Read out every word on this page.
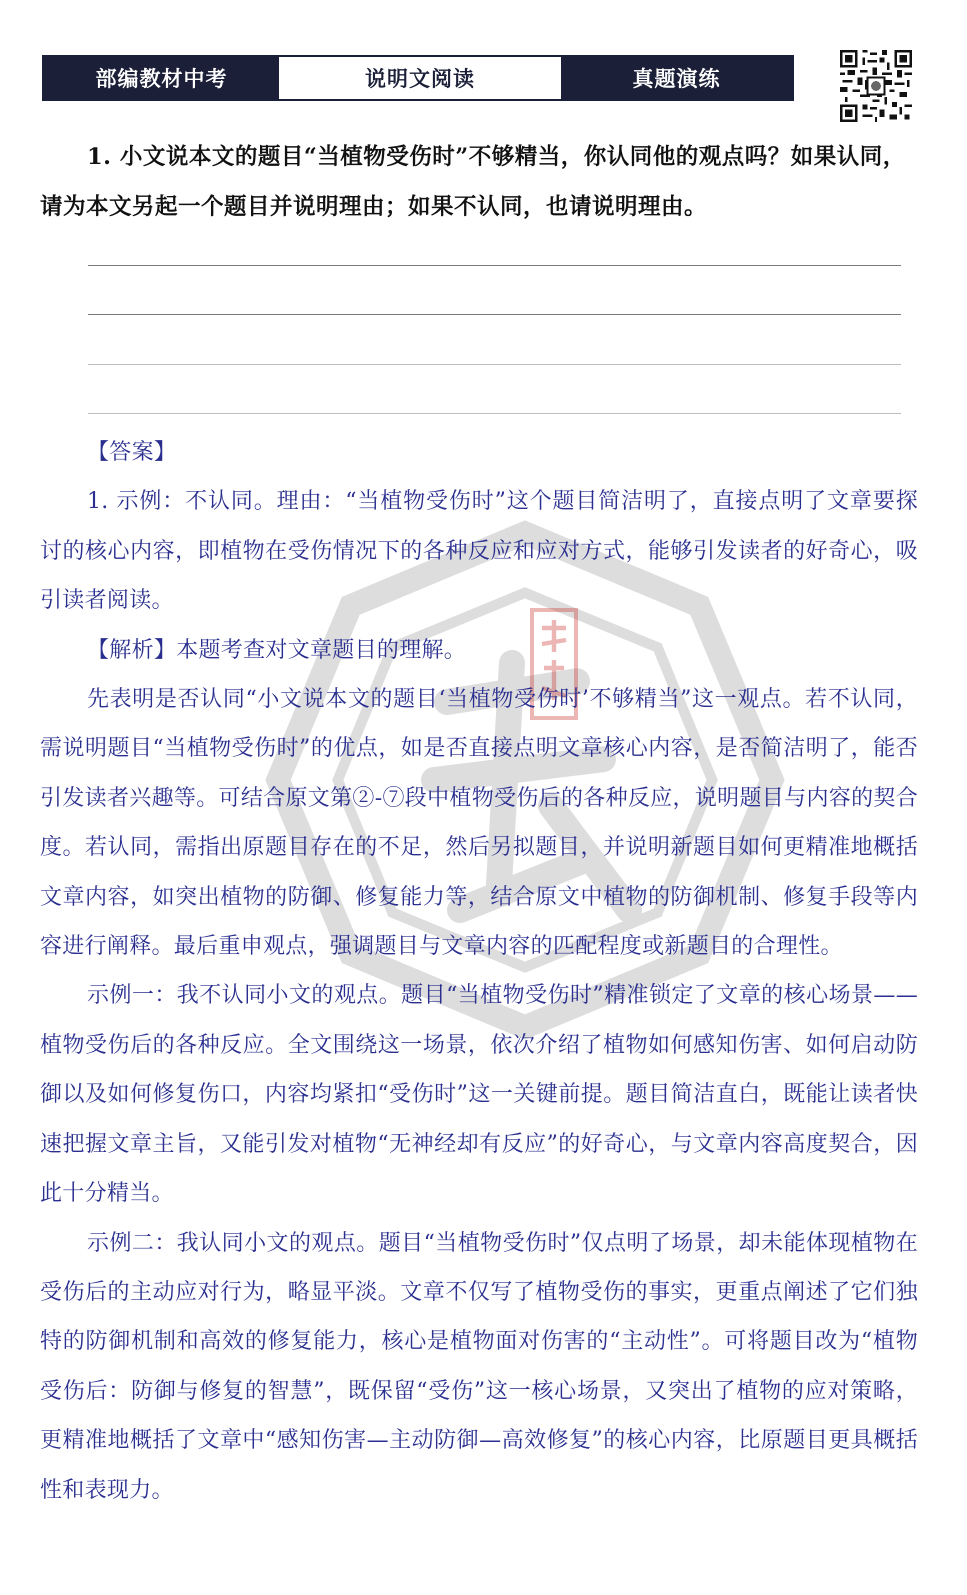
部编教材中考	说明文阅读	真题演练
1. 小文说本文的题目“当植物受伤时”不够精当，你认同他的观点吗？如果认同，请为本文另起一个题目并说明理由；如果不认同，也请说明理由。

【答案】

1. 示例：不认同。理由：“当植物受伤时”这个题目简洁明了，直接点明了文章要探讨的核心内容，即植物在受伤情况下的各种反应和应对方式，能够引发读者的好奇心，吸引读者阅读。

【解析】本题考查对文章题目的理解。

先表明是否认同“小文说本文的题目‘当植物受伤时’不够精当”这一观点。若不认同，需说明题目“当植物受伤时”的优点，如是否直接点明文章核心内容，是否简洁明了，能否引发读者兴趣等。可结合原文第②-⑦段中植物受伤后的各种反应，说明题目与内容的契合度。若认同，需指出原题目存在的不足，然后另拟题目，并说明新题目如何更精准地概括文章内容，如突出植物的防御、修复能力等，结合原文中植物的防御机制、修复手段等内容进行阐释。最后重申观点，强调题目与文章内容的匹配程度或新题目的合理性。

示例一：我不认同小文的观点。题目“当植物受伤时”精准锁定了文章的核心场景——植物受伤后的各种反应。全文围绕这一场景，依次介绍了植物如何感知伤害、如何启动防御以及如何修复伤口，内容均紧扣“受伤时”这一关键前提。题目简洁直白，既能让读者快速把握文章主旨，又能引发对植物“无神经却有反应”的好奇心，与文章内容高度契合，因此十分精当。

示例二：我认同小文的观点。题目“当植物受伤时”仅点明了场景，却未能体现植物在受伤后的主动应对行为，略显平淡。文章不仅写了植物受伤的事实，更重点阐述了它们独特的防御机制和高效的修复能力，核心是植物面对伤害的“主动性”。可将题目改为“植物受伤后：防御与修复的智慧”，既保留“受伤”这一核心场景，又突出了植物的应对策略，更精准地概括了文章中“感知伤害—主动防御—高效修复”的核心内容，比原题目更具概括性和表现力。
